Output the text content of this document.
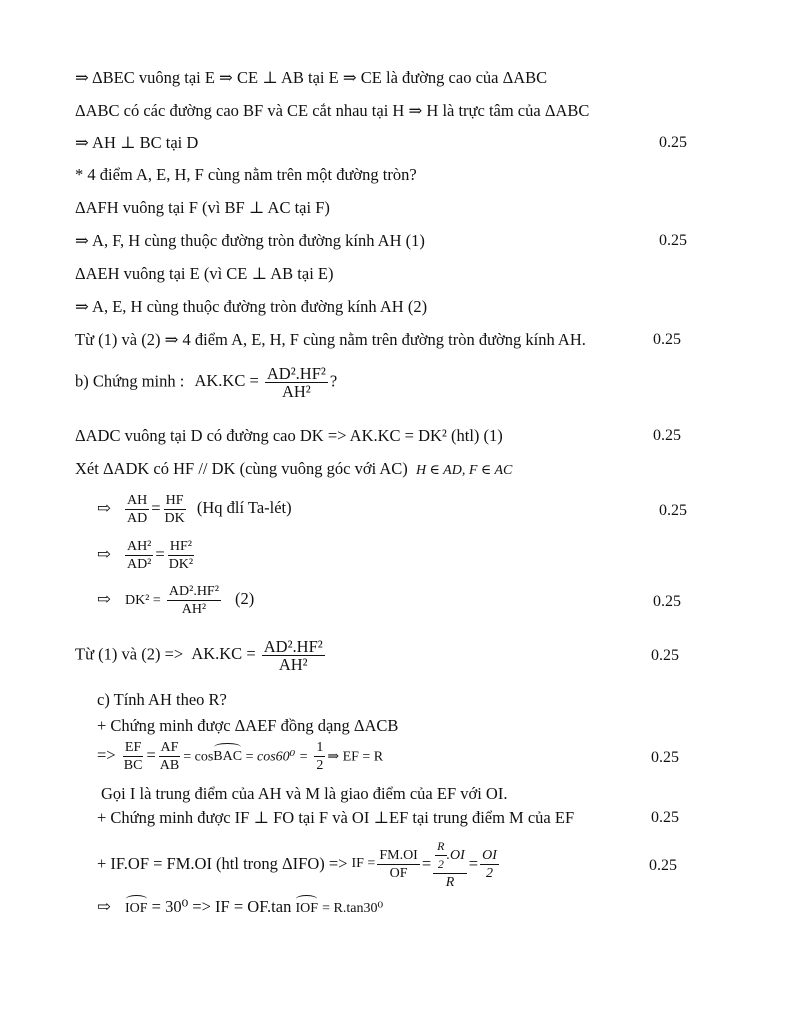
⇒ ΔBEC vuông tại E ⇒ CE ⊥ AB tại E ⇒ CE là đường cao của ΔABC
ΔABC có các đường cao BF và CE cắt nhau tại H ⇒ H là trực tâm của ΔABC
⇒ AH ⊥ BC tại D	0.25
* 4 điểm A, E, H, F cùng nằm trên một đường tròn?
ΔAFH vuông tại F (vì BF ⊥ AC tại F)
⇒ A, F, H cùng thuộc đường tròn đường kính AH (1)	0.25
ΔAEH vuông tại E (vì CE ⊥ AB tại E)
⇒ A, E, H cùng thuộc đường tròn đường kính AH (2)
Từ (1) và (2) ⇒ 4 điểm A, E, H, F cùng nằm trên đường tròn đường kính AH.	0.25
b) Chứng minh : $AK.KC = \frac{\text{AD².HF²}}{\text{AH²}}$ ?
ΔADC vuông tại D có đường cao DK => AK.KC = DK² (htl) (1)	0.25
Xét ΔADK có HF // DK (cùng vuông góc với AC) H ∈ AD, F ∈ AC
⇨ $\frac{AH}{AD} = \frac{HF}{DK} (Hq$ đlí Ta-lét)	0.25
⇨ $\frac{\text{AH²}}{\text{AD²}} = \frac{\text{HF²}}{\text{DK²}}$
⇨ $DK^2 = \frac{\text{AD².HF²}}{\text{AH²}} (2)$	0.25
Từ (1) và $(2) => AK.KC = \frac{\text{AD².HF²}}{\text{AH²}}$	0.25
c) Tính AH theo R?
+ Chứng minh được ΔAEF đồng dạng ΔACB
=> $\frac{EF}{BC} = \frac{AF}{AB}$ = cosBAC = $\cos 60^0 = \frac{1}{2}$ ⇒ EF = R	0.25
Gọi I là trung điểm của AH và M là giao điểm của EF với OI.
+ Chứng minh được IF ⊥ FO tại F và OI ⊥EF tại trung điểm M của EF	0.25
+ IF.OF = FM.OI (htl trong ΔIFO) => IF = $\frac{FM.OI}{OF} = \frac{\frac{R}{2} .OI}{R} = \frac{OI}{2}$	0.25
⇨ IOF = 30⁰ => IF = OF.tan IOF = R.tan30⁰
